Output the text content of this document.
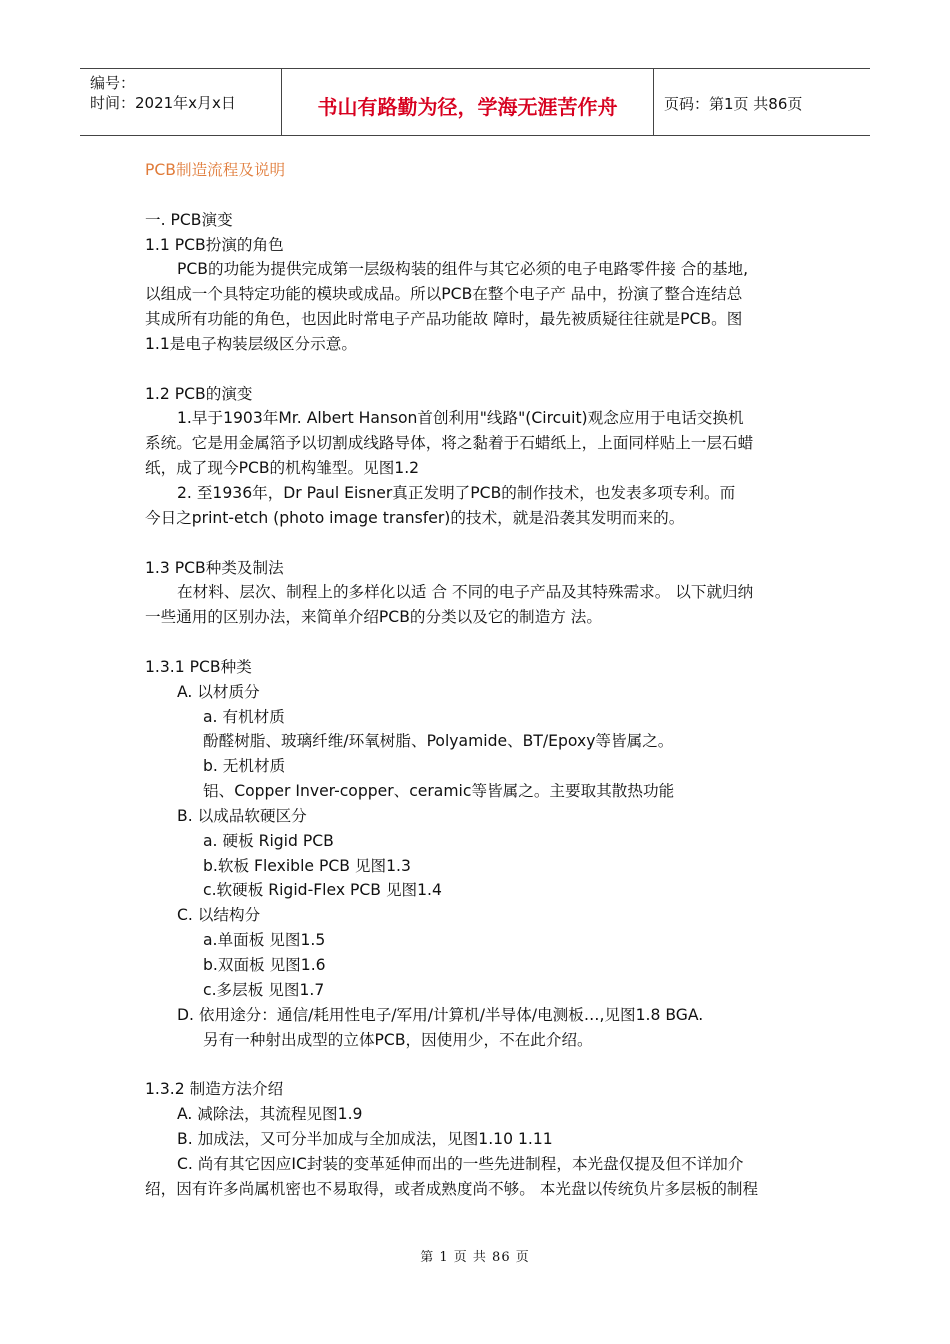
编号：
时间：2021年x月x日	书山有路勤为径，学海无涯苦作舟	页码：第1页 共86页
PCB制造流程及说明
一. PCB演变
1.1 PCB扮演的角色
PCB的功能为提供完成第一层级构装的组件与其它必须的电子电路零件接 合的基地,
以组成一个具特定功能的模块或成品。所以PCB在整个电子产 品中，扮演了整合连结总
其成所有功能的角色，也因此时常电子产品功能故 障时，最先被质疑往往就是PCB。图
1.1是电子构装层级区分示意。
1.2 PCB的演变
1.早于1903年Mr. Albert Hanson首创利用"线路"(Circuit)观念应用于电话交换机
系统。它是用金属箔予以切割成线路导体，将之黏着于石蜡纸上，上面同样贴上一层石蜡
纸，成了现今PCB的机构雏型。见图1.2
2. 至1936年，Dr Paul Eisner真正发明了PCB的制作技术，也发表多项专利。而
今日之print-etch (photo image transfer)的技术，就是沿袭其发明而来的。
1.3 PCB种类及制法
在材料、层次、制程上的多样化以适 合 不同的电子产品及其特殊需求。 以下就归纳
一些通用的区别办法，来简单介绍PCB的分类以及它的制造方 法。
1.3.1 PCB种类
A. 以材质分
a. 有机材质
酚醛树脂、玻璃纤维/环氧树脂、Polyamide、BT/Epoxy等皆属之。
b. 无机材质
铝、Copper Inver-copper、ceramic等皆属之。主要取其散热功能
B. 以成品软硬区分
a. 硬板 Rigid PCB
b.软板 Flexible PCB 见图1.3
c.软硬板 Rigid-Flex PCB 见图1.4
C. 以结构分
a.单面板 见图1.5
b.双面板 见图1.6
c.多层板 见图1.7
D. 依用途分：通信/耗用性电子/军用/计算机/半导体/电测板…,见图1.8 BGA.
另有一种射出成型的立体PCB，因使用少，不在此介绍。
1.3.2 制造方法介绍
A. 减除法，其流程见图1.9
B. 加成法，又可分半加成与全加成法，见图1.10 1.11
C. 尚有其它因应IC封装的变革延伸而出的一些先进制程，本光盘仅提及但不详加介
绍，因有许多尚属机密也不易取得，或者成熟度尚不够。 本光盘以传统负片多层板的制程
第 1 页 共 86 页
